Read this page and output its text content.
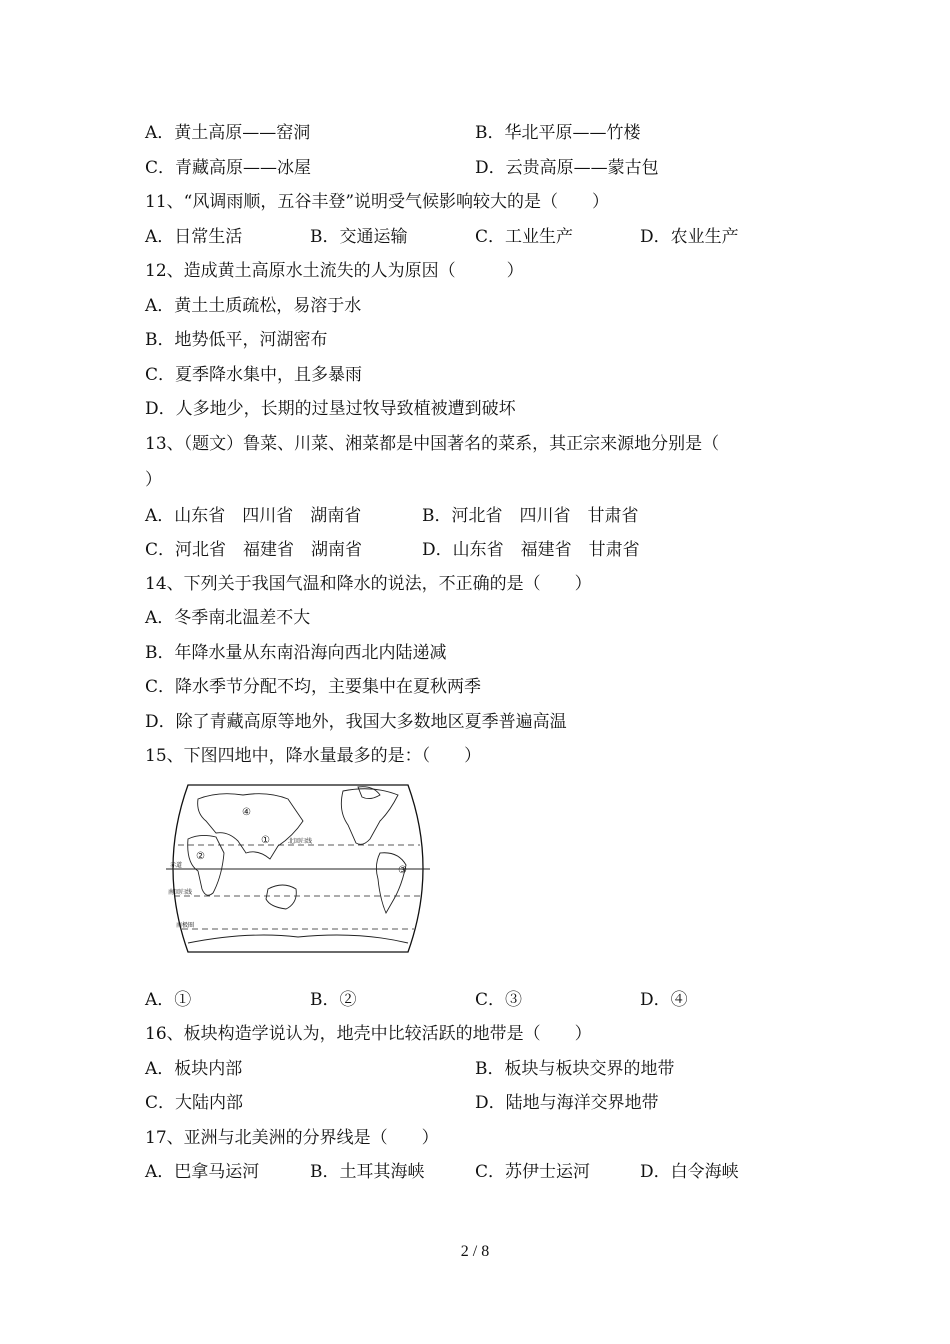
A．黄土高原——窑洞	B．华北平原——竹楼
C．青藏高原——冰屋	D．云贵高原——蒙古包
11、“风调雨顺，五谷丰登”说明受气候影响较大的是（　　）
A．日常生活	B．交通运输	C．工业生产	D．农业生产
12、造成黄土高原水土流失的人为原因（　　　）
A．黄土土质疏松，易溶于水
B．地势低平，河湖密布
C．夏季降水集中，且多暴雨
D．人多地少，长期的过垦过牧导致植被遭到破坏
13、（题文）鲁菜、川菜、湘菜都是中国著名的菜系，其正宗来源地分别是（
）
A．山东省　四川省　湖南省	B．河北省　四川省　甘肃省
C．河北省　福建省　湖南省	D．山东省　福建省　甘肃省
14、下列关于我国气温和降水的说法，不正确的是（　　）
A．冬季南北温差不大
B．年降水量从东南沿海向西北内陆递减
C．降水季节分配不均，主要集中在夏秋两季
D．除了青藏高原等地外，我国大多数地区夏季普遍高温
15、下图四地中，降水量最多的是：（　　）
北回归线
赤道
南回归线
南极圈
①
②
③
④
A．①	B．②	C．③	D．④
16、板块构造学说认为，地壳中比较活跃的地带是（　　）
A．板块内部	B．板块与板块交界的地带
C．大陆内部	D．陆地与海洋交界地带
17、亚洲与北美洲的分界线是（　　）
A．巴拿马运河	B．土耳其海峡	C．苏伊士运河	D．白令海峡
2 / 8
